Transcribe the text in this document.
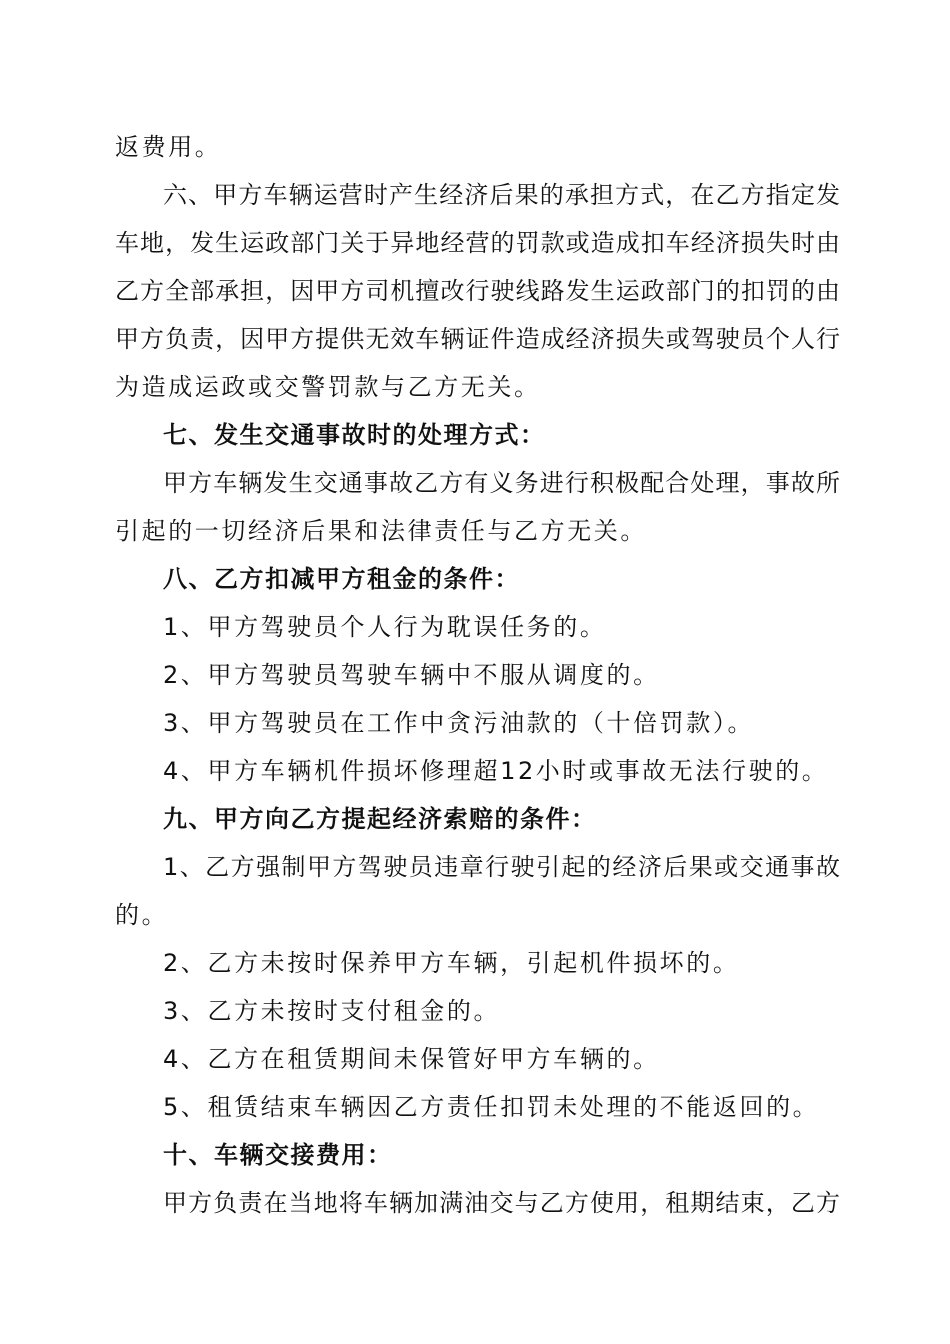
返费用。
六、甲方车辆运营时产生经济后果的承担方式，在乙方指定发
车地，发生运政部门关于异地经营的罚款或造成扣车经济损失时由
乙方全部承担，因甲方司机擅改行驶线路发生运政部门的扣罚的由
甲方负责，因甲方提供无效车辆证件造成经济损失或驾驶员个人行
为造成运政或交警罚款与乙方无关。
七、发生交通事故时的处理方式：
甲方车辆发生交通事故乙方有义务进行积极配合处理，事故所
引起的一切经济后果和法律责任与乙方无关。
八、乙方扣减甲方租金的条件：
1、甲方驾驶员个人行为耽误任务的。
2、甲方驾驶员驾驶车辆中不服从调度的。
3、甲方驾驶员在工作中贪污油款的（十倍罚款）。
4、甲方车辆机件损坏修理超12小时或事故无法行驶的。
九、甲方向乙方提起经济索赔的条件：
1、乙方强制甲方驾驶员违章行驶引起的经济后果或交通事故
的。
2、乙方未按时保养甲方车辆，引起机件损坏的。
3、乙方未按时支付租金的。
4、乙方在租赁期间未保管好甲方车辆的。
5、租赁结束车辆因乙方责任扣罚未处理的不能返回的。
十、车辆交接费用：
甲方负责在当地将车辆加满油交与乙方使用，租期结束，乙方
